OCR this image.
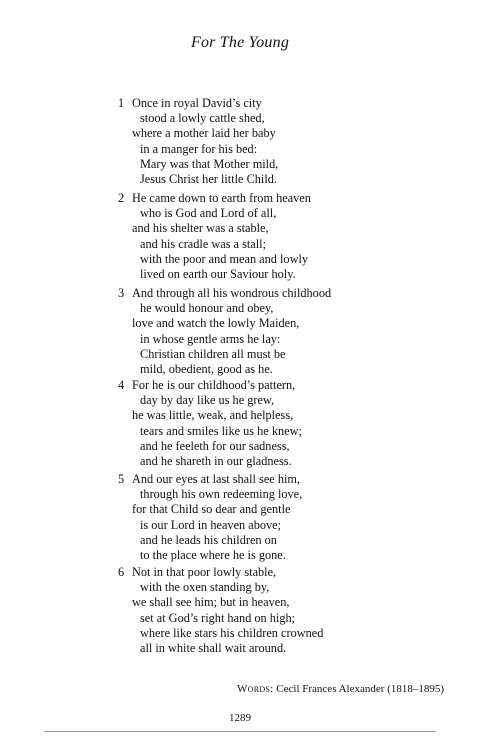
For The Young
1 Once in royal David’s city
stood a lowly cattle shed,
where a mother laid her baby
in a manger for his bed:
Mary was that Mother mild,
Jesus Christ her little Child.
2 He came down to earth from heaven
who is God and Lord of all,
and his shelter was a stable,
and his cradle was a stall;
with the poor and mean and lowly
lived on earth our Saviour holy.
3 And through all his wondrous childhood
he would honour and obey,
love and watch the lowly Maiden,
in whose gentle arms he lay:
Christian children all must be
mild, obedient, good as he.
4 For he is our childhood’s pattern,
day by day like us he grew,
he was little, weak, and helpless,
tears and smiles like us he knew;
and he feeleth for our sadness,
and he shareth in our gladness.
5 And our eyes at last shall see him,
through his own redeeming love,
for that Child so dear and gentle
is our Lord in heaven above;
and he leads his children on
to the place where he is gone.
6 Not in that poor lowly stable,
with the oxen standing by,
we shall see him; but in heaven,
set at God’s right hand on high;
where like stars his children crowned
all in white shall wait around.
Words: Cecil Frances Alexander (1818–1895)
1289
